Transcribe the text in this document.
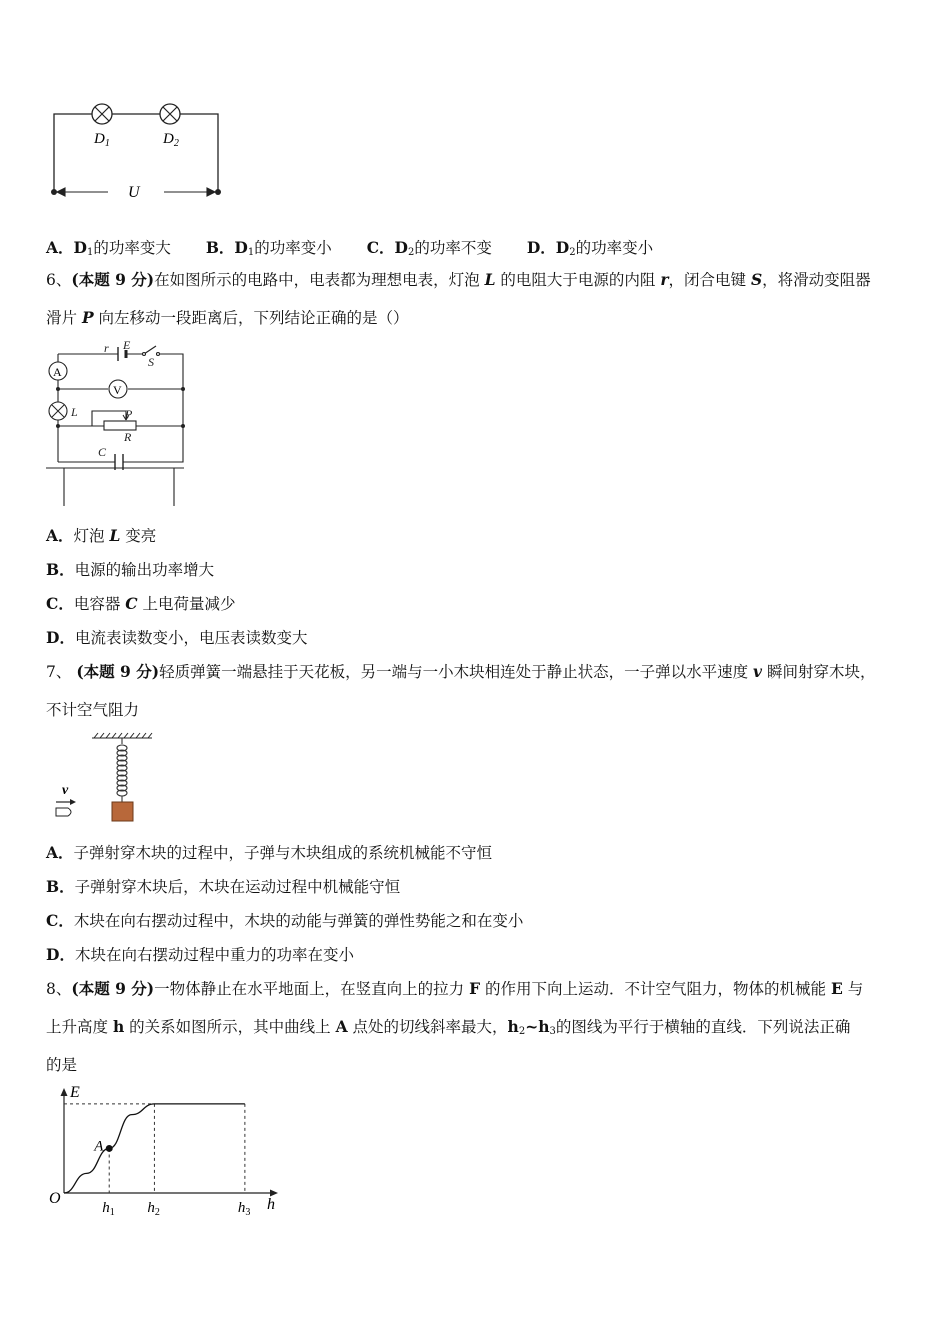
$D_1$	$D_2$
U
A．$D_1$的功率变大 B．$D_1$的功率变小 C．$D_2$的功率不变 D．$D_2$的功率变小
6、(本题 9 分)在如图所示的电路中，电表都为理想电表，灯泡 L 的电阻大于电源的内阻 r，闭合电键 S，将滑动变阻器
滑片 P 向左移动一段距离后，下列结论正确的是（）
A
V
r E
S
L	P
R
C
A．灯泡 L 变亮
B．电源的输出功率增大
C．电容器 C 上电荷量减少
D．电流表读数变小，电压表读数变大
7、 (本题 9 分)轻质弹簧一端悬挂于天花板，另一端与一小木块相连处于静止状态，一子弹以水平速度 v 瞬间射穿木块，
不计空气阻力
v
A．子弹射穿木块的过程中，子弹与木块组成的系统机械能不守恒
B．子弹射穿木块后，木块在运动过程中机械能守恒
C．木块在向右摆动过程中，木块的动能与弹簧的弹性势能之和在变小
D．木块在向右摆动过程中重力的功率在变小
8、(本题 9 分)一物体静止在水平地面上，在竖直向上的拉力 F 的作用下向上运动．不计空气阻力，物体的机械能 E 与
上升高度 h 的关系如图所示，其中曲线上 A 点处的切线斜率最大，$h_2\sim h_3$的图线为平行于横轴的直线．下列说法正确
的是
E
h
O
A
$h_1$ $h_2$	$h_3$
